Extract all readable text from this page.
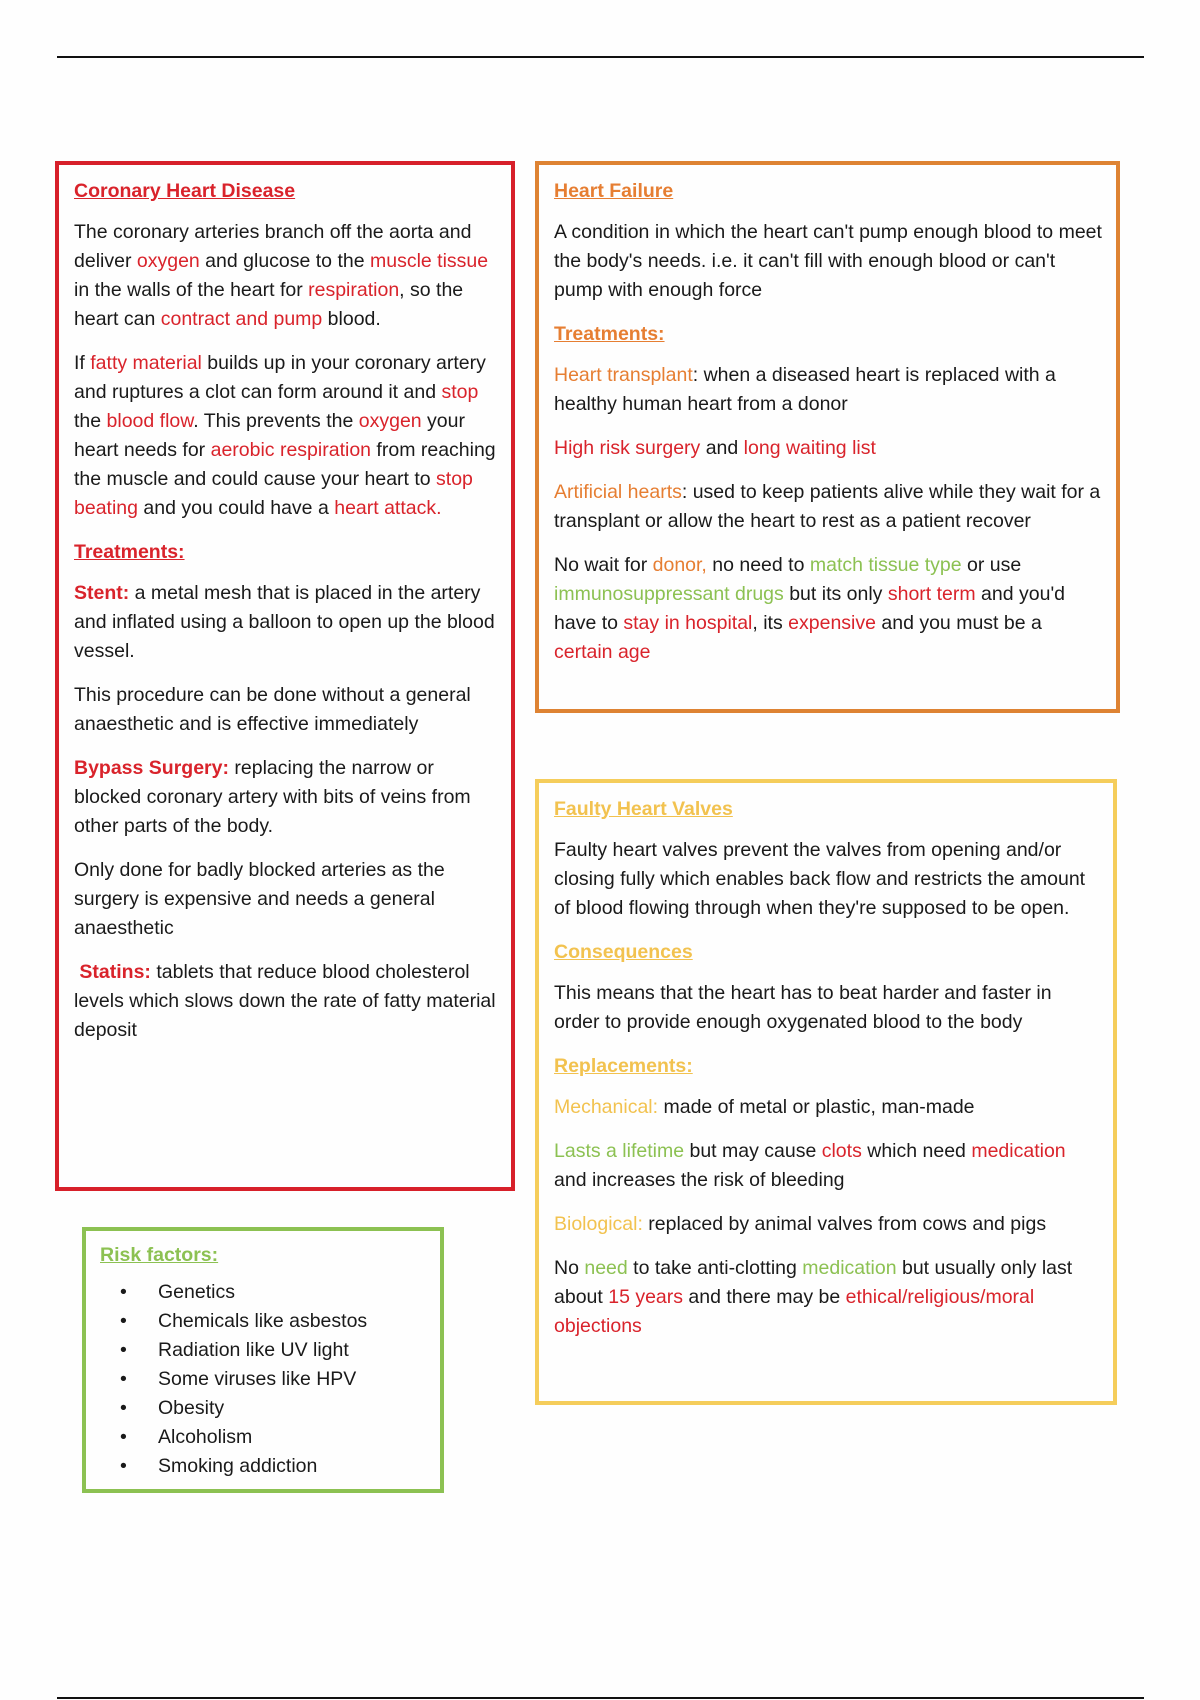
Coronary Heart Disease

The coronary arteries branch off the aorta and deliver oxygen and glucose to the muscle tissue in the walls of the heart for respiration, so the heart can contract and pump blood.

If fatty material builds up in your coronary artery and ruptures a clot can form around it and stop the blood flow. This prevents the oxygen your heart needs for aerobic respiration from reaching the muscle and could cause your heart to stop beating and you could have a heart attack.

Treatments:

Stent: a metal mesh that is placed in the artery and inflated using a balloon to open up the blood vessel.

This procedure can be done without a general anaesthetic and is effective immediately

Bypass Surgery: replacing the narrow or blocked coronary artery with bits of veins from other parts of the body.

Only done for badly blocked arteries as the surgery is expensive and needs a general anaesthetic

Statins: tablets that reduce blood cholesterol levels which slows down the rate of fatty material deposit

Heart Failure

A condition in which the heart can't pump enough blood to meet the body's needs. i.e. it can't fill with enough blood or can't pump with enough force

Treatments:

Heart transplant: when a diseased heart is replaced with a healthy human heart from a donor

High risk surgery and long waiting list

Artificial hearts: used to keep patients alive while they wait for a transplant or allow the heart to rest as a patient recover

No wait for donor, no need to match tissue type or use immunosuppressant drugs but its only short term and you'd have to stay in hospital, its expensive and you must be a certain age

Faulty Heart Valves

Faulty heart valves prevent the valves from opening and/or closing fully which enables back flow and restricts the amount of blood flowing through when they're supposed to be open.

Consequences

This means that the heart has to beat harder and faster in order to provide enough oxygenated blood to the body

Replacements:

Mechanical: made of metal or plastic, man-made

Lasts a lifetime but may cause clots which need medication and increases the risk of bleeding

Biological: replaced by animal valves from cows and pigs

No need to take anti-clotting medication but usually only last about 15 years and there may be ethical/religious/moral objections

Risk factors:
• Genetics
• Chemicals like asbestos
• Radiation like UV light
• Some viruses like HPV
• Obesity
• Alcoholism
• Smoking addiction
